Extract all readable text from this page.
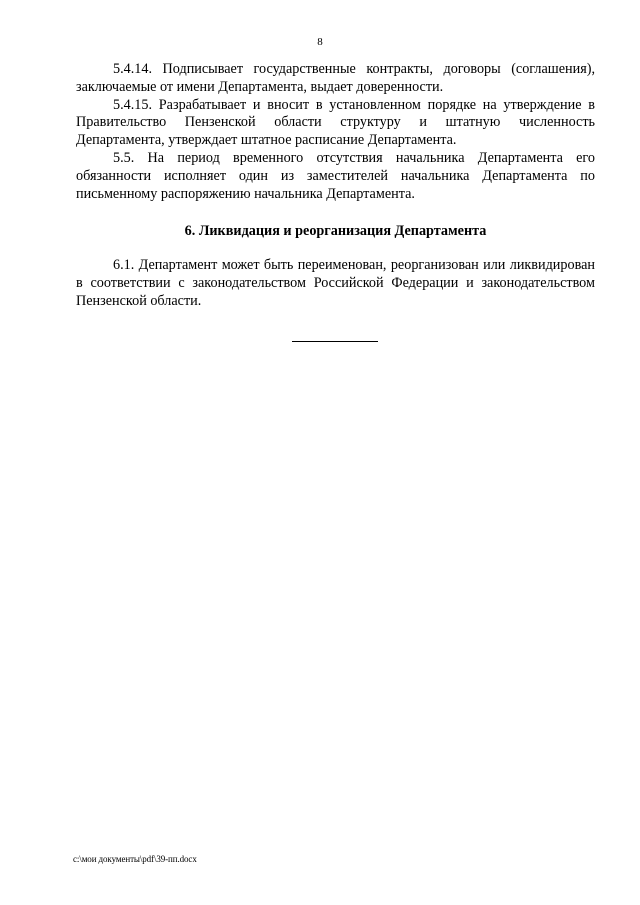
8

5.4.14. Подписывает государственные контракты, договоры (соглашения), заключаемые от имени Департамента, выдает доверенности.

5.4.15. Разрабатывает и вносит в установленном порядке на утверждение в Правительство Пензенской области структуру и штатную численность Департамента, утверждает штатное расписание Департамента.

5.5. На период временного отсутствия начальника Департамента его обязанности исполняет один из заместителей начальника Департамента по письменному распоряжению начальника Департамента.

6. Ликвидация и реорганизация Департамента

6.1. Департамент может быть переименован, реорганизован или ликвидирован в соответствии с законодательством Российской Федерации и законодательством Пензенской области.

c:\мои документы\pdf\39-пп.docx
